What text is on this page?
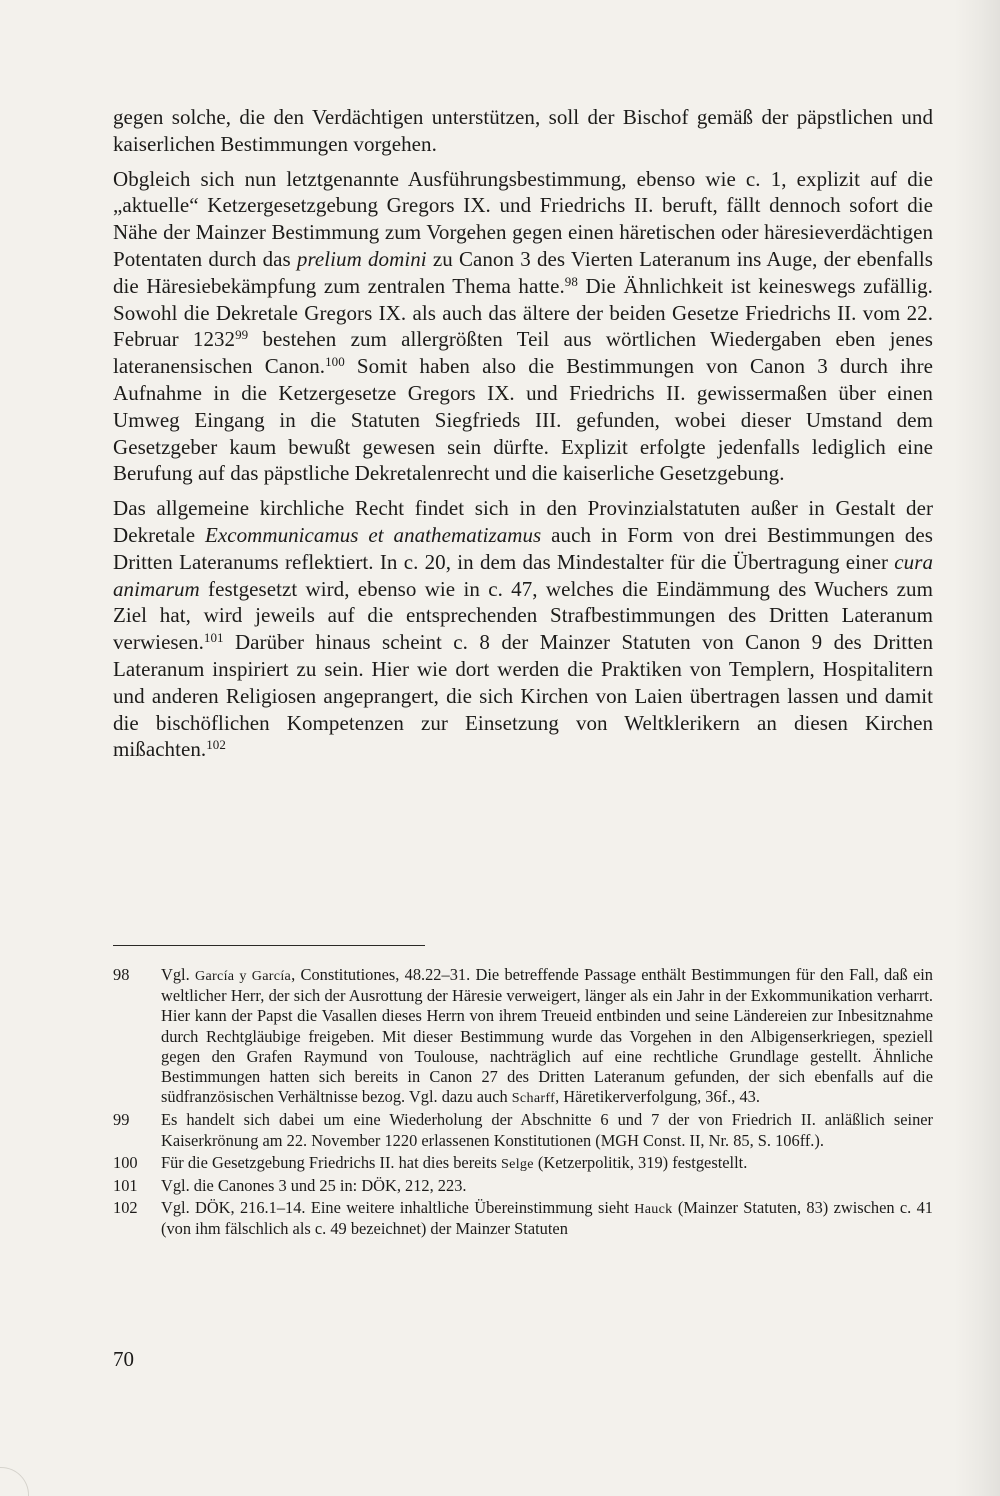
gegen solche, die den Verdächtigen unterstützen, soll der Bischof gemäß der päpstlichen und kaiserlichen Bestimmungen vorgehen.

Obgleich sich nun letztgenannte Ausführungsbestimmung, ebenso wie c. 1, explizit auf die „aktuelle“ Ketzergesetzgebung Gregors IX. und Friedrichs II. beruft, fällt dennoch sofort die Nähe der Mainzer Bestimmung zum Vorgehen gegen einen häretischen oder häresieverdächtigen Potentaten durch das prelium domini zu Canon 3 des Vierten Lateranum ins Auge, der ebenfalls die Häresiebekämpfung zum zentralen Thema hatte.$^{98}$ Die Ähnlichkeit ist keineswegs zufällig. Sowohl die Dekretale Gregors IX. als auch das ältere der beiden Gesetze Friedrichs II. vom 22. Februar 1232$^{99}$ bestehen zum allergrößten Teil aus wörtlichen Wiedergaben eben jenes lateranensischen Canon.$^{100}$ Somit haben also die Bestimmungen von Canon 3 durch ihre Aufnahme in die Ketzergesetze Gregors IX. und Friedrichs II. gewissermaßen über einen Umweg Eingang in die Statuten Siegfrieds III. gefunden, wobei dieser Umstand dem Gesetzgeber kaum bewußt gewesen sein dürfte. Explizit erfolgte jedenfalls lediglich eine Berufung auf das päpstliche Dekretalenrecht und die kaiserliche Gesetzgebung.

Das allgemeine kirchliche Recht findet sich in den Provinzialstatuten außer in Gestalt der Dekretale Excommunicamus et anathematizamus auch in Form von drei Bestimmungen des Dritten Lateranums reflektiert. In c. 20, in dem das Mindestalter für die Übertragung einer cura animarum festgesetzt wird, ebenso wie in c. 47, welches die Eindämmung des Wuchers zum Ziel hat, wird jeweils auf die entsprechenden Strafbestimmungen des Dritten Lateranum verwiesen.$^{101}$ Darüber hinaus scheint c. 8 der Mainzer Statuten von Canon 9 des Dritten Lateranum inspiriert zu sein. Hier wie dort werden die Praktiken von Templern, Hospitalitern und anderen Religiosen angeprangert, die sich Kirchen von Laien übertragen lassen und damit die bischöflichen Kompetenzen zur Einsetzung von Weltklerikern an diesen Kirchen mißachten.$^{102}$

98 Vgl. García y García, Constitutiones, 48.22–31. Die betreffende Passage enthält Bestimmungen für den Fall, daß ein weltlicher Herr, der sich der Ausrottung der Häresie verweigert, länger als ein Jahr in der Exkommunikation verharrt. Hier kann der Papst die Vasallen dieses Herrn von ihrem Treueid entbinden und seine Ländereien zur Inbesitznahme durch Rechtgläubige freigeben. Mit dieser Bestimmung wurde das Vorgehen in den Albigenserkriegen, speziell gegen den Grafen Raymund von Toulouse, nachträglich auf eine rechtliche Grundlage gestellt. Ähnliche Bestimmungen hatten sich bereits in Canon 27 des Dritten Lateranum gefunden, der sich ebenfalls auf die südfranzösischen Verhältnisse bezog. Vgl. dazu auch Scharff, Häretikerverfolgung, 36f., 43.

99 Es handelt sich dabei um eine Wiederholung der Abschnitte 6 und 7 der von Friedrich II. anläßlich seiner Kaiserkrönung am 22. November 1220 erlassenen Konstitutionen (MGH Const. II, Nr. 85, S. 106ff.).

100 Für die Gesetzgebung Friedrichs II. hat dies bereits Selge (Ketzerpolitik, 319) festgestellt.

101 Vgl. die Canones 3 und 25 in: DÖK, 212, 223.

102 Vgl. DÖK, 216.1–14. Eine weitere inhaltliche Übereinstimmung sieht Hauck (Mainzer Statuten, 83) zwischen c. 41 (von ihm fälschlich als c. 49 bezeichnet) der Mainzer Statuten

70
